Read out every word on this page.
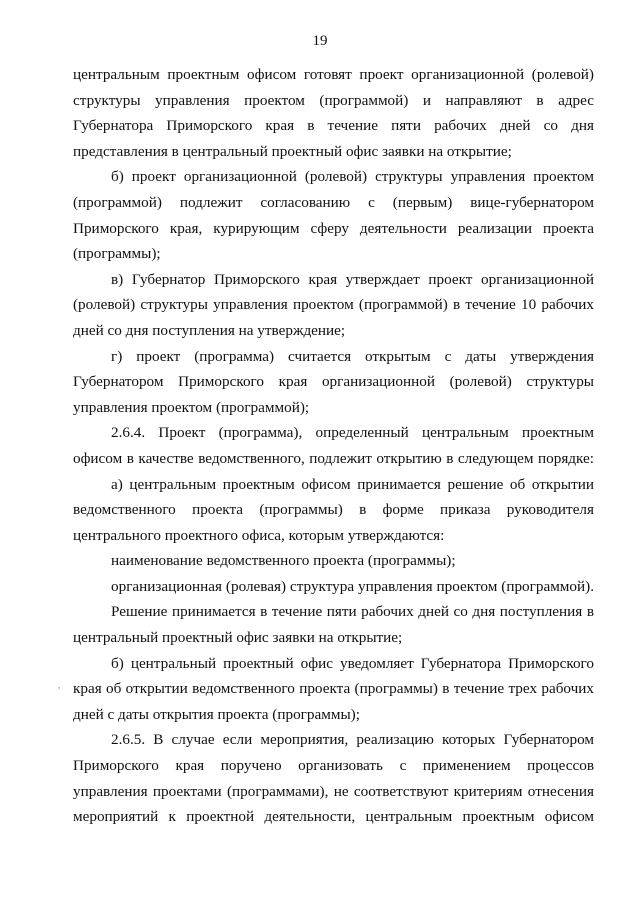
19
центральным проектным офисом готовят проект организационной (ролевой)
структуры управления проектом (программой) и направляют в адрес
Губернатора Приморского края в течение пяти рабочих дней со дня
представления в центральный проектный офис заявки на открытие;
б) проект организационной (ролевой) структуры управления проектом
(программой) подлежит согласованию с (первым) вице-губернатором
Приморского края, курирующим сферу деятельности реализации проекта
(программы);
в) Губернатор Приморского края утверждает проект организационной
(ролевой) структуры управления проектом (программой) в течение 10 рабочих
дней со дня поступления на утверждение;
г) проект (программа) считается открытым с даты утверждения
Губернатором Приморского края организационной (ролевой) структуры
управления проектом (программой);
2.6.4. Проект (программа), определенный центральным проектным
офисом в качестве ведомственного, подлежит открытию в следующем порядке:
а) центральным проектным офисом принимается решение об открытии
ведомственного проекта (программы) в форме приказа руководителя
центрального проектного офиса, которым утверждаются:
наименование ведомственного проекта (программы);
организационная (ролевая) структура управления проектом (программой).
Решение принимается в течение пяти рабочих дней со дня поступления в
центральный проектный офис заявки на открытие;
б) центральный проектный офис уведомляет Губернатора Приморского
края об открытии ведомственного проекта (программы) в течение трех рабочих
дней с даты открытия проекта (программы);
2.6.5. В случае если мероприятия, реализацию которых Губернатором
Приморского края поручено организовать с применением процессов
управления проектами (программами), не соответствуют критериям отнесения
мероприятий к проектной деятельности, центральным проектным офисом
,
